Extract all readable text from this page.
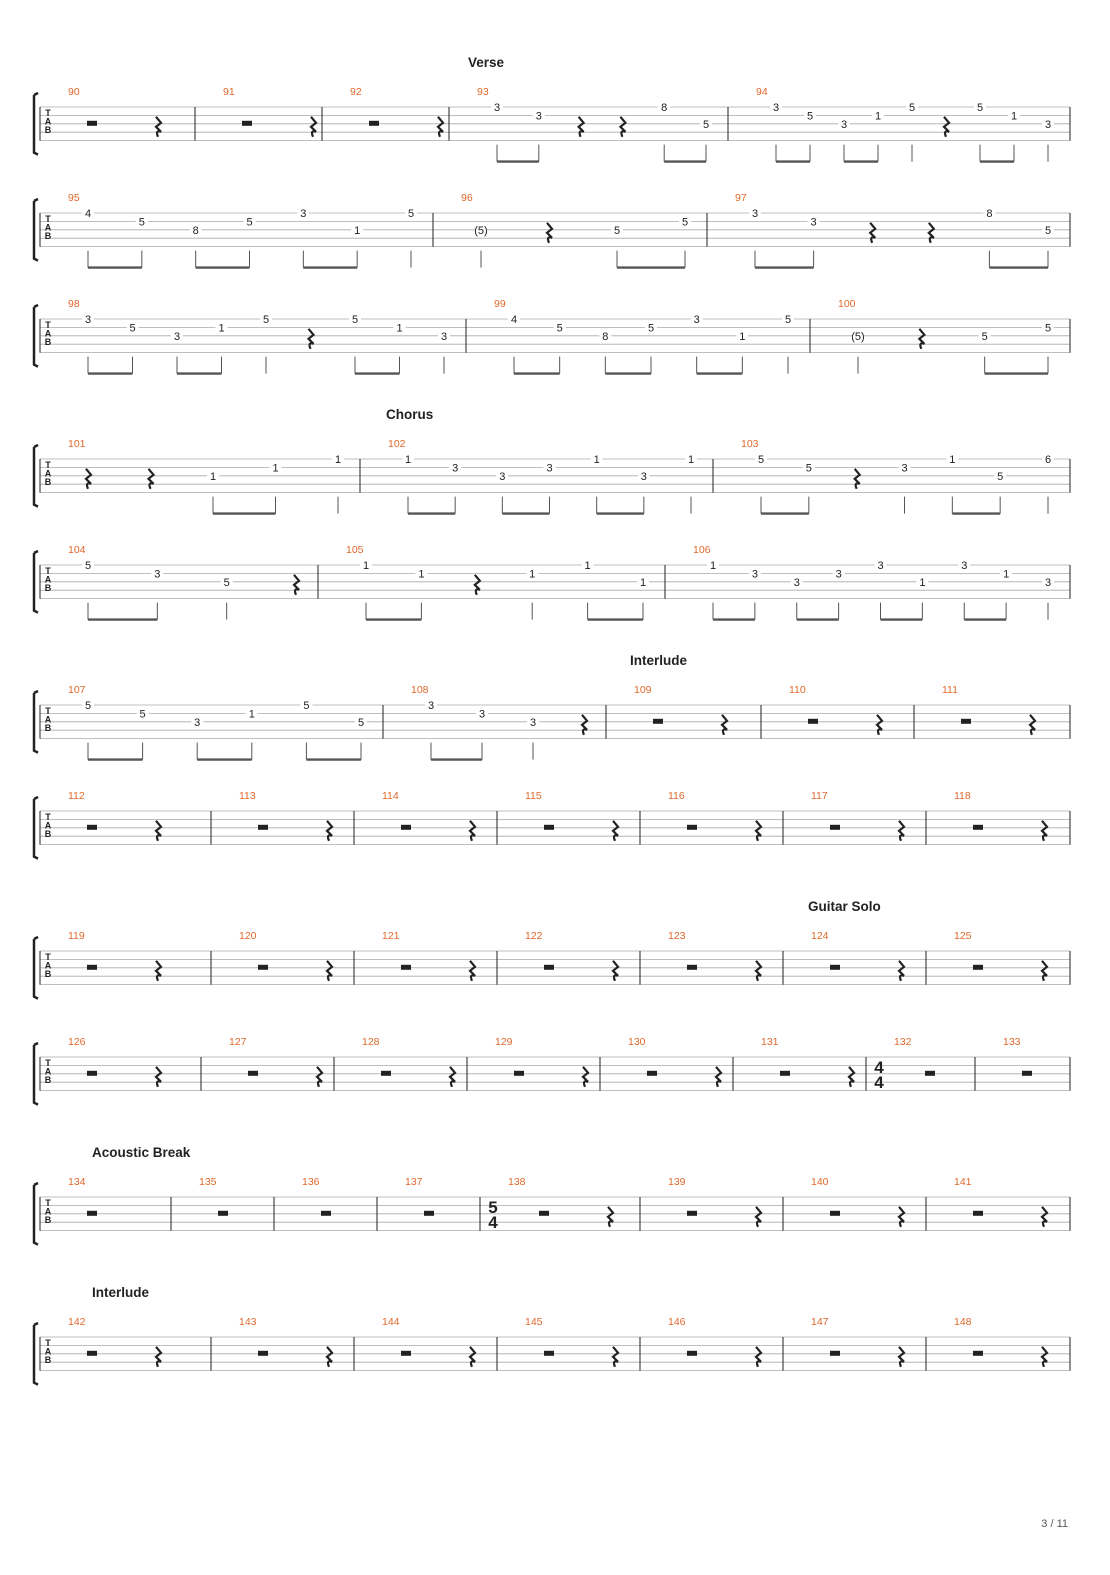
T
A
B
Verse
90	91	92	93
3
3
8
5
94
3
5
3
1
5	5
1
3
T
A
B
95
4
5
8
5
3
1
5
96
(5)	5
5
97
3
3
8
5
T
A
B
98
3
5
3
1
5	5
1
3
99
4
5
8
5
3
1
5
100
(5)	5
5
T
A
B
Chorus
101
1
1
1
102
1
3
3
3
1
3
1
103
5
5	3
1
5
6
T
A
B
104
5
3
5
105
1
1	1
1
1
106
1
3
3
3
3
1
3
1
3
T
A
B
Interlude
107
5
5
3
1
5
5
108
3
3
3
109	110	111
T
A
B
112	113	114	115	116	117	118
T
A
B
Guitar Solo
119	120	121	122	123	124	125
T
A
B
126	127	128	129	130	131	132
4
4
133
T
A
B
Acoustic Break
134	135	136	137	138
5
4
139	140	141
T
A
B
Interlude
142	143	144	145	146	147	148
3 / 11
